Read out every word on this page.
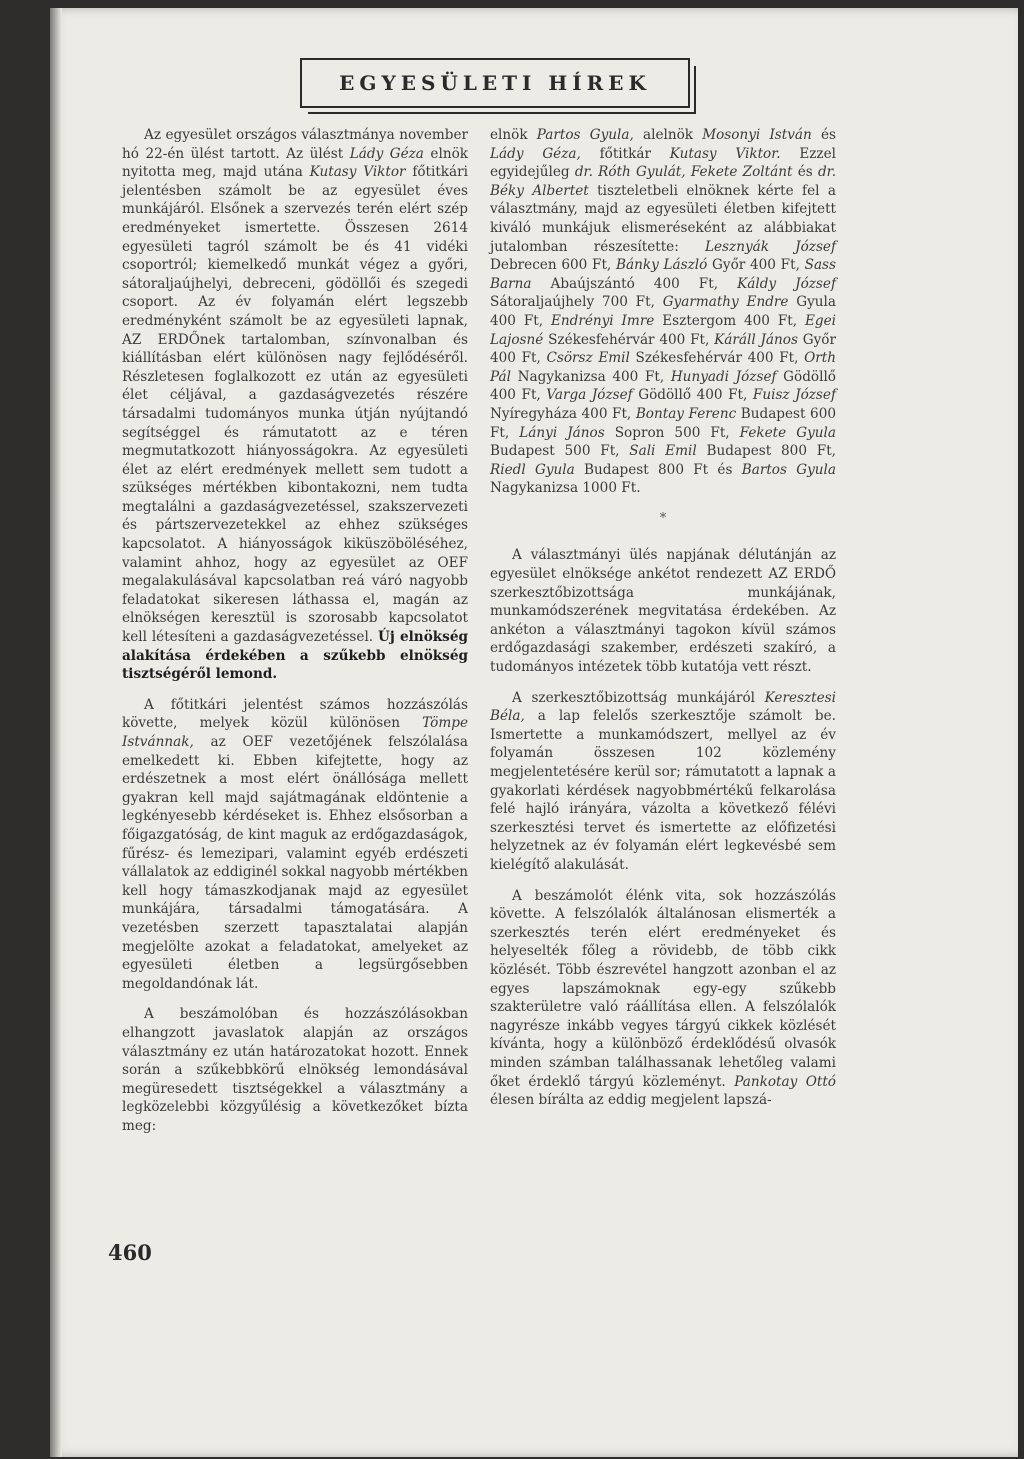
EGYESÜLETI HÍREK

Az egyesület országos választmánya november hó 22-én ülést tartott. Az ülést Lády Géza elnök nyitotta meg, majd utána Kutasy Viktor főtitkári jelentésben számolt be az egyesület éves munkájáról. Elsőnek a szervezés terén elért szép eredményeket ismertette. Összesen 2614 egyesületi tagról számolt be és 41 vidéki csoportról; kiemelkedő munkát végez a győri, sátoraljaújhelyi, debreceni, gödöllői és szegedi csoport. Az év folyamán elért legszebb eredményként számolt be az egyesületi lapnak, AZ ERDŐnek tartalomban, színvonalban és kiállításban elért különösen nagy fejlődéséről. Részletesen foglalkozott ez után az egyesületi élet céljával, a gazdaságvezetés részére társadalmi tudományos munka útján nyújtandó segítséggel és rámutatott az e téren megmutatkozott hiányosságokra. Az egyesületi élet az elért eredmények mellett sem tudott a szükséges mértékben kibontakozni, nem tudta megtalálni a gazdaságvezetéssel, szakszervezeti és pártszervezetekkel az ehhez szükséges kapcsolatot. A hiányosságok kiküszöböléséhez, valamint ahhoz, hogy az egyesület az OEF megalakulásával kapcsolatban reá váró nagyobb feladatokat sikeresen láthassa el, magán az elnökségen keresztül is szorosabb kapcsolatot kell létesíteni a gazdaságvezetéssel. Új elnökség alakítása érdekében a szűkebb elnökség tisztségéről lemond.

A főtitkári jelentést számos hozzászólás követte, melyek közül különösen Tömpe Istvánnak, az OEF vezetőjének felszólalása emelkedett ki. Ebben kifejtette, hogy az erdészetnek a most elért önállósága mellett gyakran kell majd sajátmagának eldöntenie a legkényesebb kérdéseket is. Ehhez elsősorban a főigazgatóság, de kint maguk az erdőgazdaságok, fűrész- és lemezipari, valamint egyéb erdészeti vállalatok az eddiginél sokkal nagyobb mértékben kell hogy támaszkodjanak majd az egyesület munkájára, társadalmi támogatására. A vezetésben szerzett tapasztalatai alapján megjelölte azokat a feladatokat, amelyeket az egyesületi életben a legsürgősebben megoldandónak lát.

A beszámolóban és hozzászólásokban elhangzott javaslatok alapján az országos választmány ez után határozatokat hozott. Ennek során a szűkebbkörű elnökség lemondásával megüresedett tisztségekkel a választmány a legközelebbi közgyűlésig a következőket bízta meg:

elnök Partos Gyula, alelnök Mosonyi István és Lády Géza, főtitkár Kutasy Viktor. Ezzel egyidejűleg dr. Róth Gyulát, Fekete Zoltánt és dr. Béky Albertet tiszteletbeli elnöknek kérte fel a választmány, majd az egyesületi életben kifejtett kiváló munkájuk elismeréseként az alábbiakat jutalomban részesítette: Lesznyák József Debrecen 600 Ft, Bánky László Győr 400 Ft, Sass Barna Abaújszántó 400 Ft, Káldy József Sátoraljaújhely 700 Ft, Gyarmathy Endre Gyula 400 Ft, Endrényi Imre Esztergom 400 Ft, Egei Lajosné Székesfehérvár 400 Ft, Káráll János Győr 400 Ft, Csörsz Emil Székesfehérvár 400 Ft, Orth Pál Nagykanizsa 400 Ft, Hunyadi József Gödöllő 400 Ft, Varga József Gödöllő 400 Ft, Fuisz József Nyíregyháza 400 Ft, Bontay Ferenc Budapest 600 Ft, Lányi János Sopron 500 Ft, Fekete Gyula Budapest 500 Ft, Sali Emil Budapest 800 Ft, Riedl Gyula Budapest 800 Ft és Bartos Gyula Nagykanizsa 1000 Ft.

*

A választmányi ülés napjának délutánján az egyesület elnöksége ankétot rendezett AZ ERDŐ szerkesztőbizottsága munkájának, munkamódszerének megvitatása érdekében. Az ankéton a választmányi tagokon kívül számos erdőgazdasági szakember, erdészeti szakíró, a tudományos intézetek több kutatója vett részt.

A szerkesztőbizottság munkájáról Keresztesi Béla, a lap felelős szerkesztője számolt be. Ismertette a munkamódszert, mellyel az év folyamán összesen 102 közlemény megjelentetésére kerül sor; rámutatott a lapnak a gyakorlati kérdések nagyobbmértékű felkarolása felé hajló irányára, vázolta a következő félévi szerkesztési tervet és ismertette az előfizetési helyzetnek az év folyamán elért legkevésbé sem kielégítő alakulását.

A beszámolót élénk vita, sok hozzászólás követte. A felszólalók általánosan elismerték a szerkesztés terén elért eredményeket és helyeselték főleg a rövidebb, de több cikk közlését. Több észrevétel hangzott azonban el az egyes lapszámoknak egy-egy szűkebb szakterületre való ráállítása ellen. A felszólalók nagyrésze inkább vegyes tárgyú cikkek közlését kívánta, hogy a különböző érdeklődésű olvasók minden számban találhassanak lehetőleg valami őket érdeklő tárgyú közleményt. Pankotay Ottó élesen bírálta az eddig megjelent lapszá-

460
